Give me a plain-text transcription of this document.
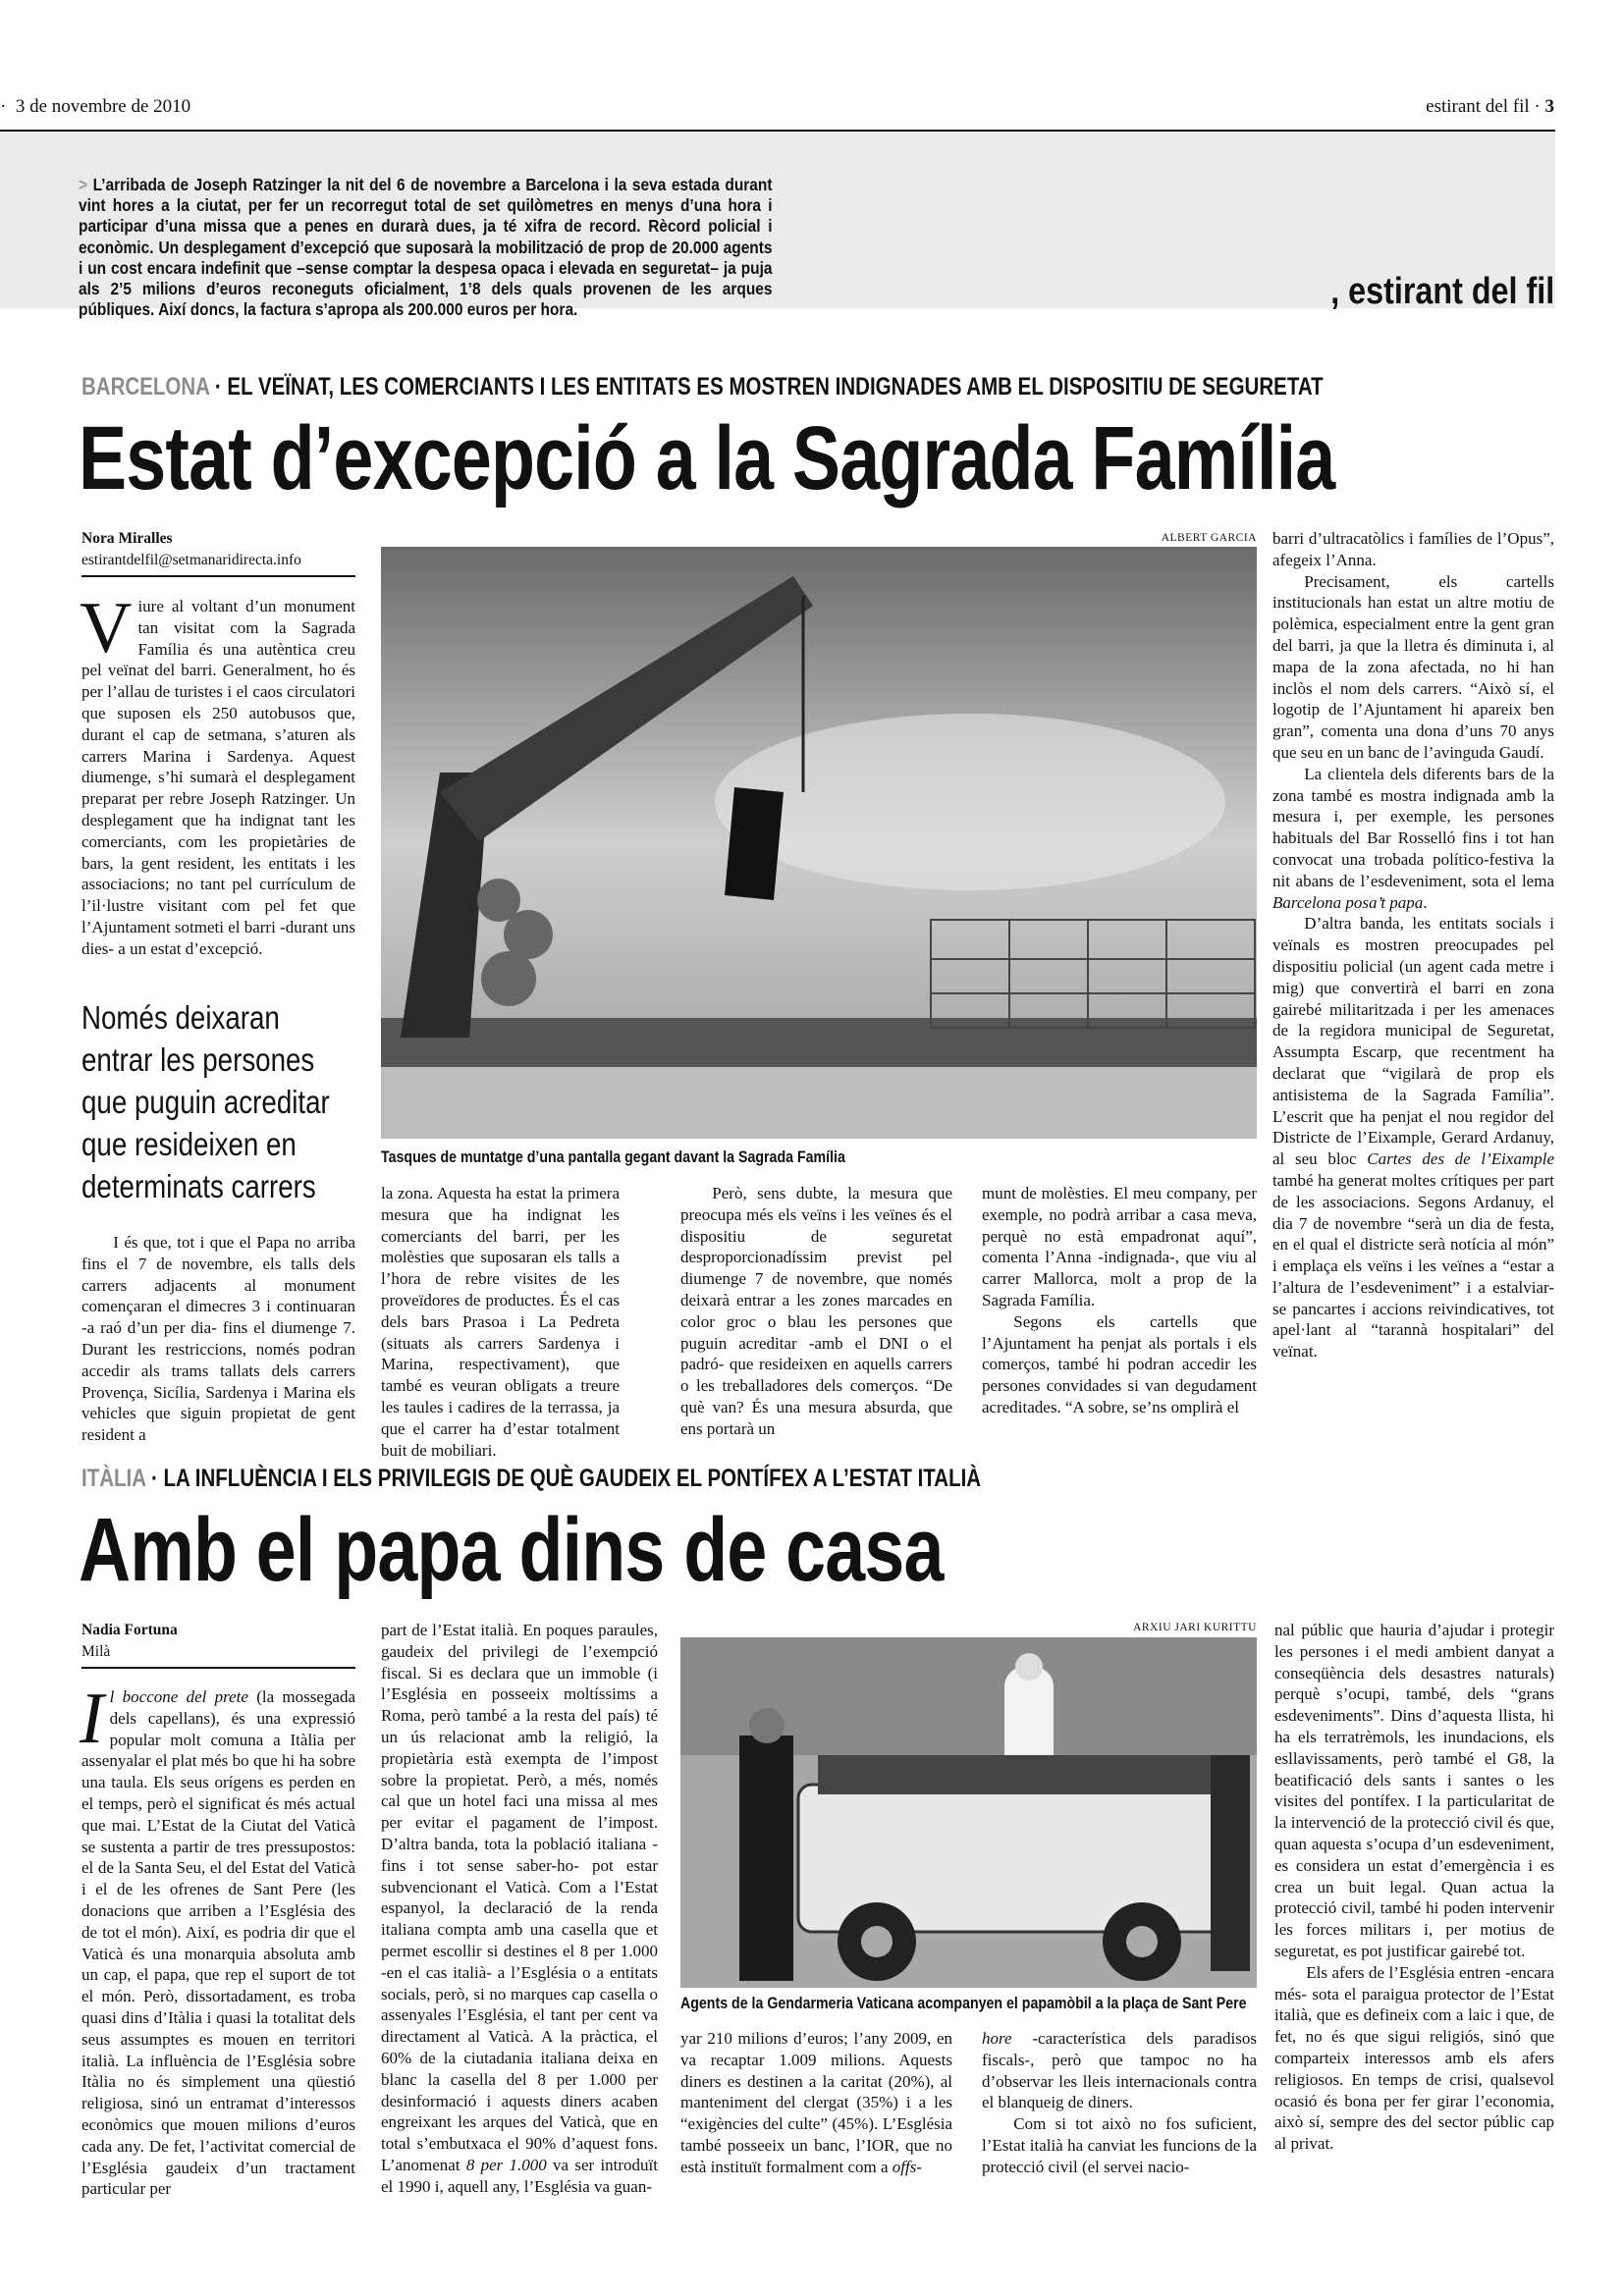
· 3 de novembre de 2010	estirant del fil · 3
> L’arribada de Joseph Ratzinger la nit del 6 de novembre a Barcelona i la seva estada durant vint hores a la ciutat, per fer un recorregut total de set quilòmetres en menys d’una hora i participar d’una missa que a penes en durarà dues, ja té xifra de record. Rècord policial i econòmic. Un desplegament d’excepció que suposarà la mobilització de prop de 20.000 agents i un cost encara indefinit que –sense comptar la despesa opaca i elevada en seguretat– ja puja als 2’5 milions d’euros reconeguts oficialment, 1’8 dels quals provenen de les arques públiques. Així doncs, la factura s’apropa als 200.000 euros per hora.	, estirant del fil
BARCELONA · EL VEÏNAT, LES COMERCIANTS I LES ENTITATS ES MOSTREN INDIGNADES AMB EL DISPOSITIU DE SEGURETAT
Estat d’excepció a la Sagrada Família
Nora Miralles
estirantdelfil@setmanaridirecta.info

Viure al voltant d’un monument tan visitat com la Sagrada Família és una autèntica creu pel veïnat del barri. Generalment, ho és per l’allau de turistes i el caos circulatori que suposen els 250 autobusos que, durant el cap de setmana, s’aturen als carrers Marina i Sardenya. Aquest diumenge, s’hi sumarà el desplegament preparat per rebre Joseph Ratzinger. Un desplegament que ha indignat tant les comerciants, com les propietàries de bars, la gent resident, les entitats i les associacions; no tant pel currículum de l’il·lustre visitant com pel fet que l’Ajuntament sotmeti el barri -durant uns dies- a un estat d’excepció.

Només deixaran entrar les persones que puguin acreditar que resideixen en determinats carrers

I és que, tot i que el Papa no arriba fins el 7 de novembre, els talls dels carrers adjacents al monument començaran el dimecres 3 i continuaran -a raó d’un per dia- fins el diumenge 7. Durant les restriccions, només podran accedir als trams tallats dels carrers Provença, Sicília, Sardenya i Marina els vehicles que siguin propietat de gent resident a

ALBERT GARCIA
Tasques de muntatge d’una pantalla gegant davant la Sagrada Família

la zona. Aquesta ha estat la primera mesura que ha indignat les comerciants del barri, per les molèsties que suposaran els talls a l’hora de rebre visites de les proveïdores de productes. És el cas dels bars Prasoa i La Pedreta (situats als carrers Sardenya i Marina, respectivament), que també es veuran obligats a treure les taules i cadires de la terrassa, ja que el carrer ha d’estar totalment buit de mobiliari.

Però, sens dubte, la mesura que preocupa més els veïns i les veïnes és el dispositiu de seguretat desproporcionadíssim previst pel diumenge 7 de novembre, que només deixarà entrar a les zones marcades en color groc o blau les persones que puguin acreditar -amb el DNI o el padró- que resideixen en aquells carrers o les treballadores dels comerços. “De què van? És una mesura absurda, que ens portarà un

munt de molèsties. El meu company, per exemple, no podrà arribar a casa meva, perquè no està empadronat aquí”, comenta l’Anna -indignada-, que viu al carrer Mallorca, molt a prop de la Sagrada Família.

Segons els cartells que l’Ajuntament ha penjat als portals i els comerços, també hi podran accedir les persones convidades si van degudament acreditades. “A sobre, se’ns omplirà el

barri d’ultracatòlics i famílies de l’Opus”, afegeix l’Anna.

Precisament, els cartells institucionals han estat un altre motiu de polèmica, especialment entre la gent gran del barri, ja que la lletra és diminuta i, al mapa de la zona afectada, no hi han inclòs el nom dels carrers. “Això sí, el logotip de l’Ajuntament hi apareix ben gran”, comenta una dona d’uns 70 anys que seu en un banc de l’avinguda Gaudí.

La clientela dels diferents bars de la zona també es mostra indignada amb la mesura i, per exemple, les persones habituals del Bar Rosselló fins i tot han convocat una trobada político-festiva la nit abans de l’esdeveniment, sota el lema Barcelona posa’t papa.

D’altra banda, les entitats socials i veïnals es mostren preocupades pel dispositiu policial (un agent cada metre i mig) que convertirà el barri en zona gairebé militaritzada i per les amenaces de la regidora municipal de Seguretat, Assumpta Escarp, que recentment ha declarat que “vigilarà de prop els antisistema de la Sagrada Família”. L’escrit que ha penjat el nou regidor del Districte de l’Eixample, Gerard Ardanuy, al seu bloc Cartes des de l’Eixample també ha generat moltes crítiques per part de les associacions. Segons Ardanuy, el dia 7 de novembre “serà un dia de festa, en el qual el districte serà notícia al món” i emplaça els veïns i les veïnes a “estar a l’altura de l’esdeveniment” i a estalviar-se pancartes i accions reivindicatives, tot apel·lant al “tarannà hospitalari” del veïnat.

ITÀLIA · LA INFLUÈNCIA I ELS PRIVILEGIS DE QUÈ GAUDEIX EL PONTÍFEX A L’ESTAT ITALIÀ
Amb el papa dins de casa
Nadia Fortuna
Milà

Il boccone del prete (la mossegada dels capellans), és una expressió popular molt comuna a Itàlia per assenyalar el plat més bo que hi ha sobre una taula. Els seus orígens es perden en el temps, però el significat és més actual que mai. L’Estat de la Ciutat del Vaticà se sustenta a partir de tres pressupostos: el de la Santa Seu, el del Estat del Vaticà i el de les ofrenes de Sant Pere (les donacions que arriben a l’Església des de tot el món). Així, es podria dir que el Vaticà és una monarquia absoluta amb un cap, el papa, que rep el suport de tot el món. Però, dissortadament, es troba quasi dins d’Itàlia i quasi la totalitat dels seus assumptes es mouen en territori italià. La influència de l’Església sobre Itàlia no és simplement una qüestió religiosa, sinó un entramat d’interessos econòmics que mouen milions d’euros cada any. De fet, l’activitat comercial de l’Església gaudeix d’un tractament particular per

part de l’Estat italià. En poques paraules, gaudeix del privilegi de l’exempció fiscal. Si es declara que un immoble (i l’Església en posseeix moltíssims a Roma, però també a la resta del país) té un ús relacionat amb la religió, la propietària està exempta de l’impost sobre la propietat. Però, a més, només cal que un hotel faci una missa al mes per evitar el pagament de l’impost. D’altra banda, tota la població italiana -fins i tot sense saber-ho- pot estar subvencionant el Vaticà. Com a l’Estat espanyol, la declaració de la renda italiana compta amb una casella que et permet escollir si destines el 8 per 1.000 -en el cas italià- a l’Església o a entitats socials, però, si no marques cap casella o assenyales l’Església, el tant per cent va directament al Vaticà. A la pràctica, el 60% de la ciutadania italiana deixa en blanc la casella del 8 per 1.000 per desinformació i aquests diners acaben engreixant les arques del Vaticà, que en total s’embutxaca el 90% d’aquest fons. L’anomenat 8 per 1.000 va ser introduït el 1990 i, aquell any, l’Església va guan-

ARXIU JARI KURITTU
Agents de la Gendarmeria Vaticana acompanyen el papamòbil a la plaça de Sant Pere

yar 210 milions d’euros; l’any 2009, en va recaptar 1.009 milions. Aquests diners es destinen a la caritat (20%), al manteniment del clergat (35%) i a les “exigències del culte” (45%). L’Església també posseeix un banc, l’IOR, que no està instituït formalment com a offs-

hore -característica dels paradisos fiscals-, però que tampoc no ha d’observar les lleis internacionals contra el blanqueig de diners.

Com si tot això no fos suficient, l’Estat italià ha canviat les funcions de la protecció civil (el servei nacio-

nal públic que hauria d’ajudar i protegir les persones i el medi ambient danyat a conseqüència dels desastres naturals) perquè s’ocupi, també, dels “grans esdeveniments”. Dins d’aquesta llista, hi ha els terratrèmols, les inundacions, els esllavissaments, però també el G8, la beatificació dels sants i santes o les visites del pontífex. I la particularitat de la intervenció de la protecció civil és que, quan aquesta s’ocupa d’un esdeveniment, es considera un estat d’emergència i es crea un buit legal. Quan actua la protecció civil, també hi poden intervenir les forces militars i, per motius de seguretat, es pot justificar gairebé tot.

Els afers de l’Església entren -encara més- sota el paraigua protector de l’Estat italià, que es defineix com a laic i que, de fet, no és que sigui religiós, sinó que comparteix interessos amb els afers religiosos. En temps de crisi, qualsevol ocasió és bona per fer girar l’economia, això sí, sempre des del sector públic cap al privat.
